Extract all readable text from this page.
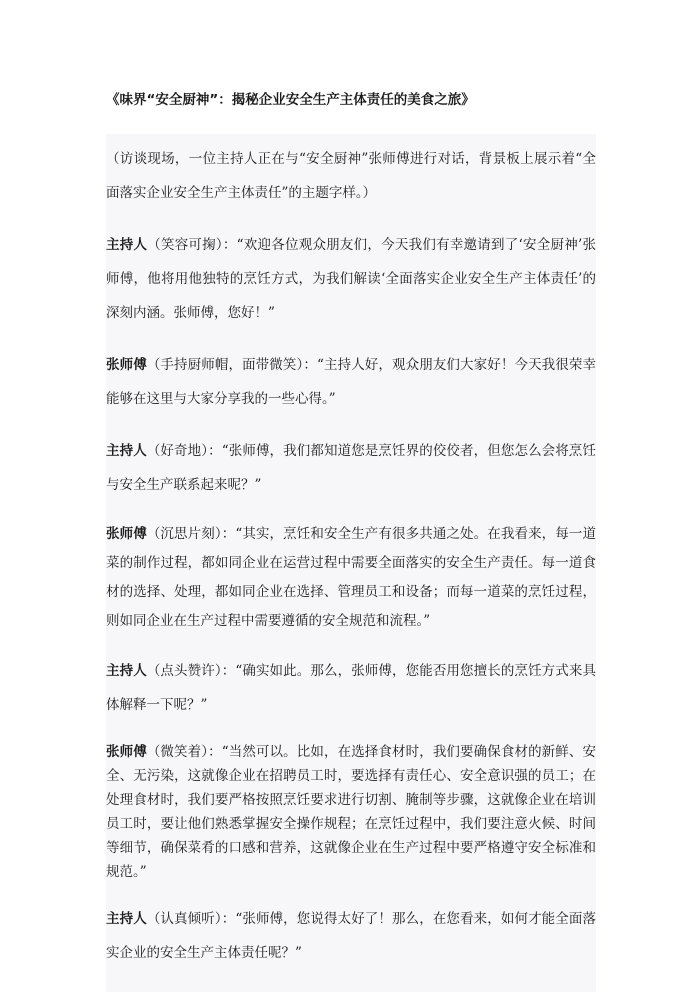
《味界“安全厨神”：揭秘企业安全生产主体责任的美食之旅》

（访谈现场，一位主持人正在与“安全厨神”张师傅进行对话，背景板上展示着“全面落实企业安全生产主体责任”的主题字样。）

主持人（笑容可掬）：“欢迎各位观众朋友们，今天我们有幸邀请到了‘安全厨神’张师傅，他将用他独特的烹饪方式，为我们解读‘全面落实企业安全生产主体责任’的深刻内涵。张师傅，您好！”

张师傅（手持厨师帽，面带微笑）：“主持人好，观众朋友们大家好！今天我很荣幸能够在这里与大家分享我的一些心得。”

主持人（好奇地）：“张师傅，我们都知道您是烹饪界的佼佼者，但您怎么会将烹饪与安全生产联系起来呢？”

张师傅（沉思片刻）：“其实，烹饪和安全生产有很多共通之处。在我看来，每一道菜的制作过程，都如同企业在运营过程中需要全面落实的安全生产责任。每一道食材的选择、处理，都如同企业在选择、管理员工和设备；而每一道菜的烹饪过程，则如同企业在生产过程中需要遵循的安全规范和流程。”

主持人（点头赞许）：“确实如此。那么，张师傅，您能否用您擅长的烹饪方式来具体解释一下呢？”

张师傅（微笑着）：“当然可以。比如，在选择食材时，我们要确保食材的新鲜、安全、无污染，这就像企业在招聘员工时，要选择有责任心、安全意识强的员工；在处理食材时，我们要严格按照烹饪要求进行切割、腌制等步骤，这就像企业在培训员工时，要让他们熟悉掌握安全操作规程；在烹饪过程中，我们要注意火候、时间等细节，确保菜肴的口感和营养，这就像企业在生产过程中要严格遵守安全标准和规范。”

主持人（认真倾听）：“张师傅，您说得太好了！那么，在您看来，如何才能全面落实企业的安全生产主体责任呢？”
